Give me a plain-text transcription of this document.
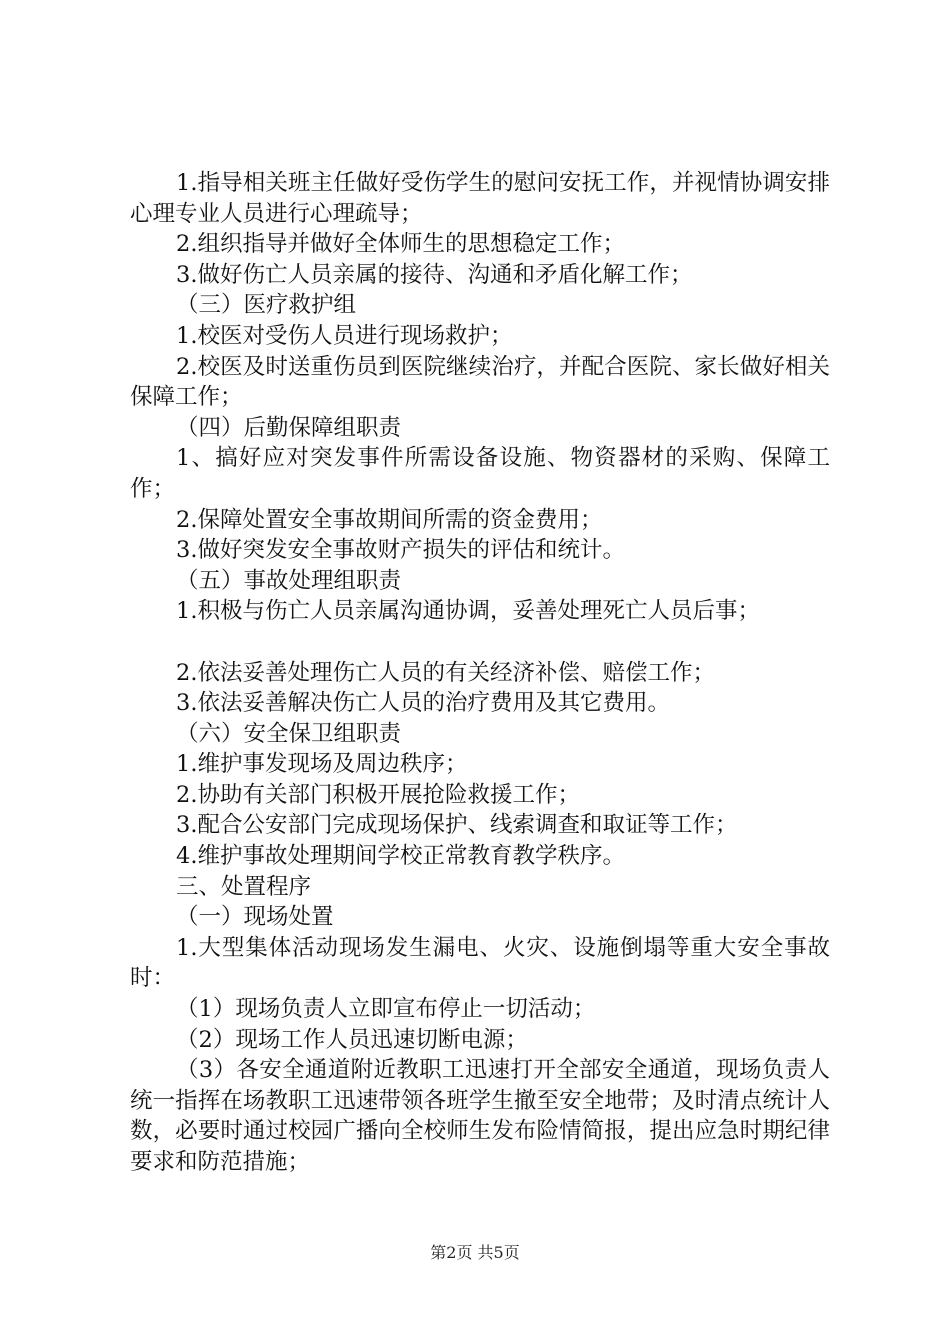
1.指导相关班主任做好受伤学生的慰问安抚工作，并视情协调安排心理专业人员进行心理疏导；

2.组织指导并做好全体师生的思想稳定工作；

3.做好伤亡人员亲属的接待、沟通和矛盾化解工作；

（三）医疗救护组

1.校医对受伤人员进行现场救护；

2.校医及时送重伤员到医院继续治疗，并配合医院、家长做好相关保障工作；

（四）后勤保障组职责

1、搞好应对突发事件所需设备设施、物资器材的采购、保障工作；

2.保障处置安全事故期间所需的资金费用；

3.做好突发安全事故财产损失的评估和统计。

（五）事故处理组职责

1.积极与伤亡人员亲属沟通协调，妥善处理死亡人员后事；

2.依法妥善处理伤亡人员的有关经济补偿、赔偿工作；

3.依法妥善解决伤亡人员的治疗费用及其它费用。

（六）安全保卫组职责

1.维护事发现场及周边秩序；

2.协助有关部门积极开展抢险救援工作；

3.配合公安部门完成现场保护、线索调查和取证等工作；

4.维护事故处理期间学校正常教育教学秩序。

三、处置程序

（一）现场处置

1.大型集体活动现场发生漏电、火灾、设施倒塌等重大安全事故时：

（1）现场负责人立即宣布停止一切活动；

（2）现场工作人员迅速切断电源；

（3）各安全通道附近教职工迅速打开全部安全通道，现场负责人统一指挥在场教职工迅速带领各班学生撤至安全地带；及时清点统计人数，必要时通过校园广播向全校师生发布险情简报，提出应急时期纪律要求和防范措施；

第2页 共5页
